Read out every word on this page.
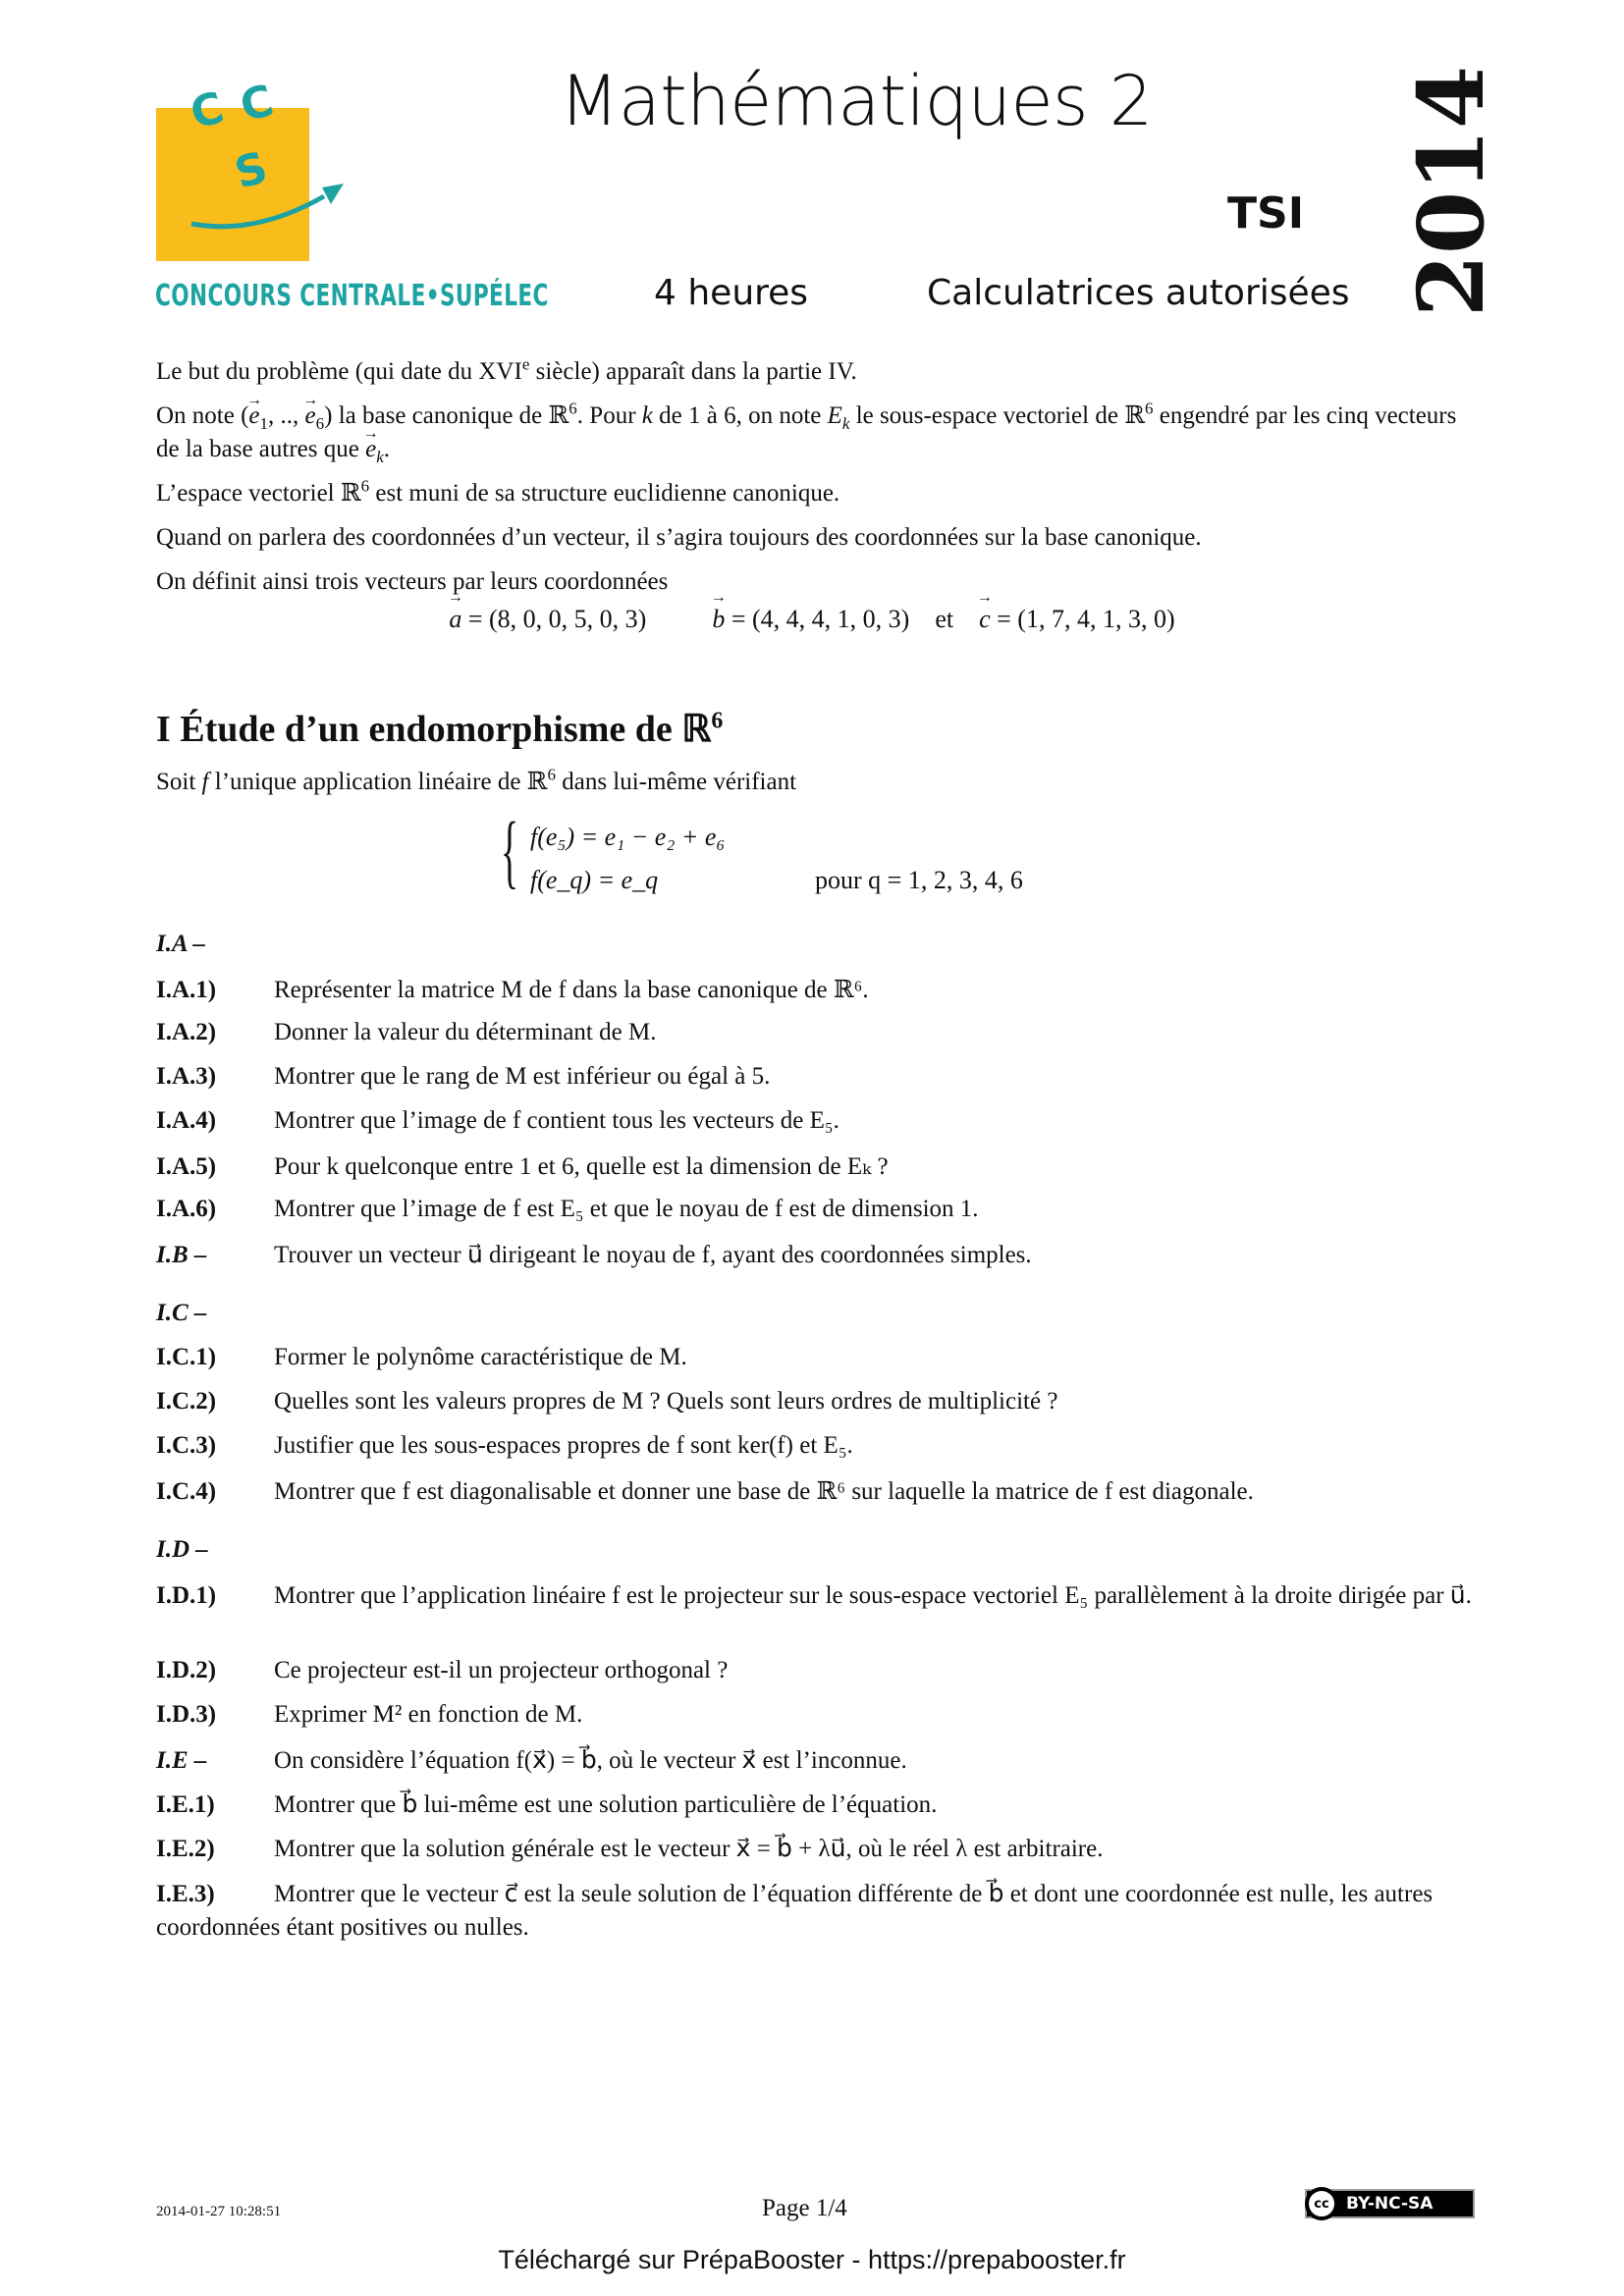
C C
S
CONCOURS CENTRALE•SUPÉLEC
Mathématiques 2
TSI
4 heures	Calculatrices autorisées 2014

Le but du problème (qui date du XVIe siècle) apparaît dans la partie IV.

On note (→ $e_1$, .., → $e_6$) la base canonique de ℝ$^6$. Pour k de 1 à 6, on note $E_k$ le sous-espace vectoriel de ℝ$^6$ engendré par les cinq vecteurs de la base autres que → $e_k$.

L’espace vectoriel ℝ$^6$ est muni de sa structure euclidienne canonique.

Quand on parlera des coordonnées d’un vecteur, il s’agira toujours des coordonnées sur la base canonique.

On définit ainsi trois vecteurs par leurs coordonnées

→ a = (8, 0, 0, 5, 0, 3)	→ b = (4, 4, 4, 1, 0, 3) et → c = (1, 7, 4, 1, 3, 0)
I Étude d’un endomorphisme de ℝ$^6$
Soit f l’unique application linéaire de ℝ$^6$ dans lui-même vérifiant
{ f(e₅) = e₁ − e₂ + e₆
f(e_q) = e_q	pour q = 1, 2, 3, 4, 6
I.A –
I.A.1) Représenter la matrice M de f dans la base canonique de ℝ⁶.
I.A.2) Donner la valeur du déterminant de M.
I.A.3) Montrer que le rang de M est inférieur ou égal à 5.
I.A.4) Montrer que l’image de f contient tous les vecteurs de E₅.
I.A.5) Pour k quelconque entre 1 et 6, quelle est la dimension de Eₖ ?
I.A.6) Montrer que l’image de f est E₅ et que le noyau de f est de dimension 1.
I.B –	Trouver un vecteur u⃗ dirigeant le noyau de f, ayant des coordonnées simples.
I.C –
I.C.1) Former le polynôme caractéristique de M.
I.C.2) Quelles sont les valeurs propres de M ? Quels sont leurs ordres de multiplicité ?
I.C.3) Justifier que les sous-espaces propres de f sont ker(f) et E₅.
I.C.4) Montrer que f est diagonalisable et donner une base de ℝ⁶ sur laquelle la matrice de f est diagonale.
I.D –
I.D.1) Montrer que l’application linéaire f est le projecteur sur le sous-espace vectoriel E₅ parallèlement à la droite dirigée par u⃗.
I.D.2) Ce projecteur est-il un projecteur orthogonal ?
I.D.3) Exprimer M² en fonction de M.
I.E –	On considère l’équation f(x⃗) = b⃗, où le vecteur x⃗ est l’inconnue.
I.E.1) Montrer que b⃗ lui-même est une solution particulière de l’équation.
I.E.2) Montrer que la solution générale est le vecteur x⃗ = b⃗ + λu⃗, où le réel λ est arbitraire.
I.E.3) Montrer que le vecteur c⃗ est la seule solution de l’équation différente de b⃗ et dont une coordonnée est nulle, les autres coordonnées étant positives ou nulles.
2014-01-27 10:28:51	Page 1/4	cc	BY-NC-SA
Téléchargé sur PrépaBooster - https://prepabooster.fr
